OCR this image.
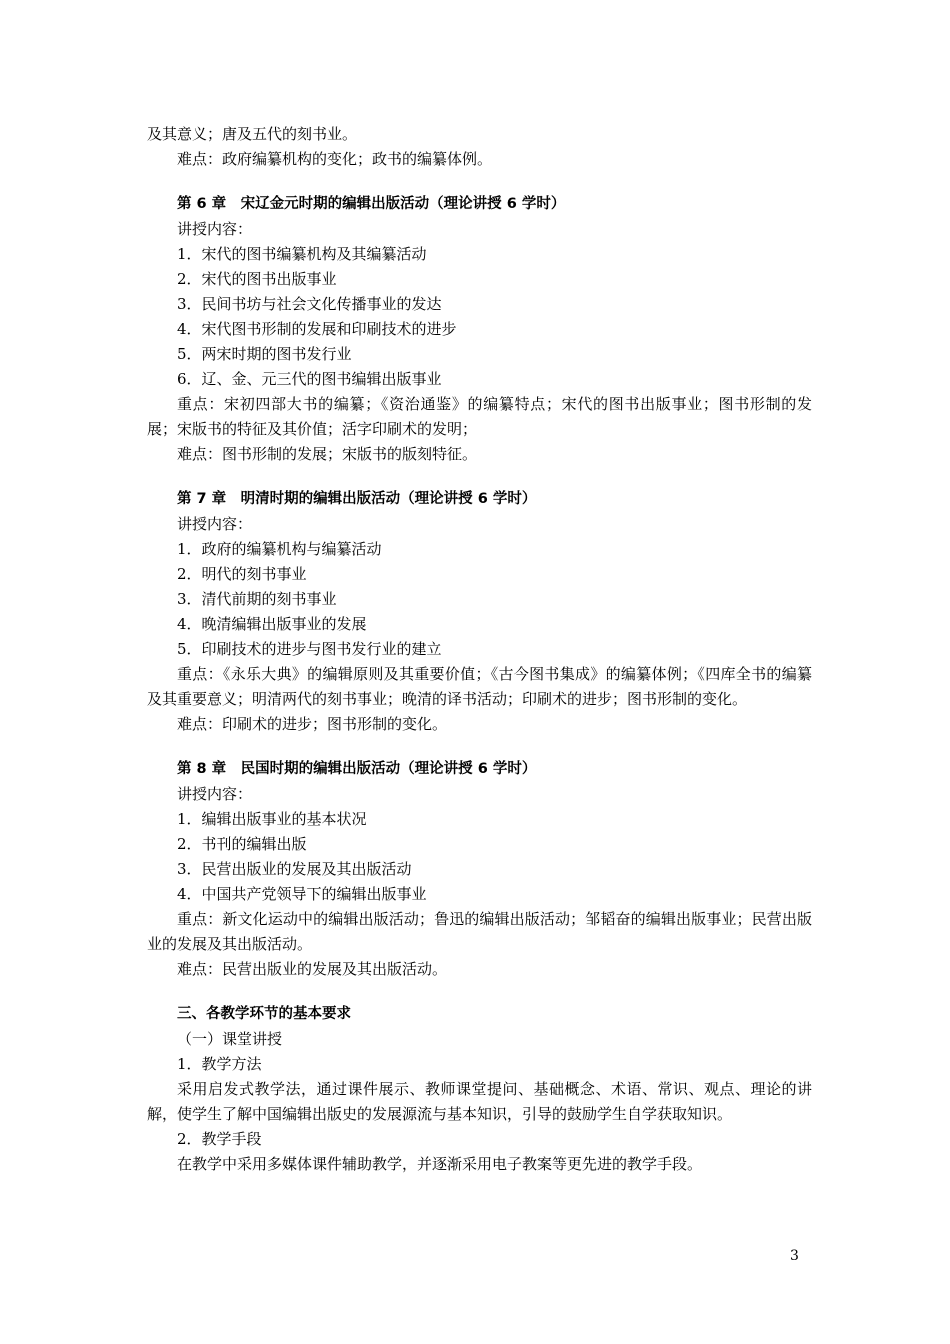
及其意义；唐及五代的刻书业。

难点：政府编纂机构的变化；政书的编纂体例。

第 6 章　宋辽金元时期的编辑出版活动（理论讲授 6 学时）

讲授内容：

1．宋代的图书编纂机构及其编纂活动

2．宋代的图书出版事业

3．民间书坊与社会文化传播事业的发达

4．宋代图书形制的发展和印刷技术的进步

5．两宋时期的图书发行业

6．辽、金、元三代的图书编辑出版事业

重点：宋初四部大书的编纂；《资治通鉴》的编纂特点；宋代的图书出版事业；图书形制的发展；宋版书的特征及其价值；活字印刷术的发明；

难点：图书形制的发展；宋版书的版刻特征。

第 7 章　明清时期的编辑出版活动（理论讲授 6 学时）

讲授内容：

1．政府的编纂机构与编纂活动

2．明代的刻书事业

3．清代前期的刻书事业

4．晚清编辑出版事业的发展

5．印刷技术的进步与图书发行业的建立

重点：《永乐大典》的编辑原则及其重要价值；《古今图书集成》的编纂体例；《四库全书的编纂及其重要意义；明清两代的刻书事业；晚清的译书活动；印刷术的进步；图书形制的变化。

难点：印刷术的进步；图书形制的变化。

第 8 章　民国时期的编辑出版活动（理论讲授 6 学时）

讲授内容：

1．编辑出版事业的基本状况

2．书刊的编辑出版

3．民营出版业的发展及其出版活动

4．中国共产党领导下的编辑出版事业

重点：新文化运动中的编辑出版活动；鲁迅的编辑出版活动；邹韬奋的编辑出版事业；民营出版业的发展及其出版活动。

难点：民营出版业的发展及其出版活动。

三、各教学环节的基本要求

（一）课堂讲授

1．教学方法

采用启发式教学法，通过课件展示、教师课堂提问、基础概念、术语、常识、观点、理论的讲解，使学生了解中国编辑出版史的发展源流与基本知识，引导的鼓励学生自学获取知识。

2．教学手段

在教学中采用多媒体课件辅助教学，并逐渐采用电子教案等更先进的教学手段。

3
